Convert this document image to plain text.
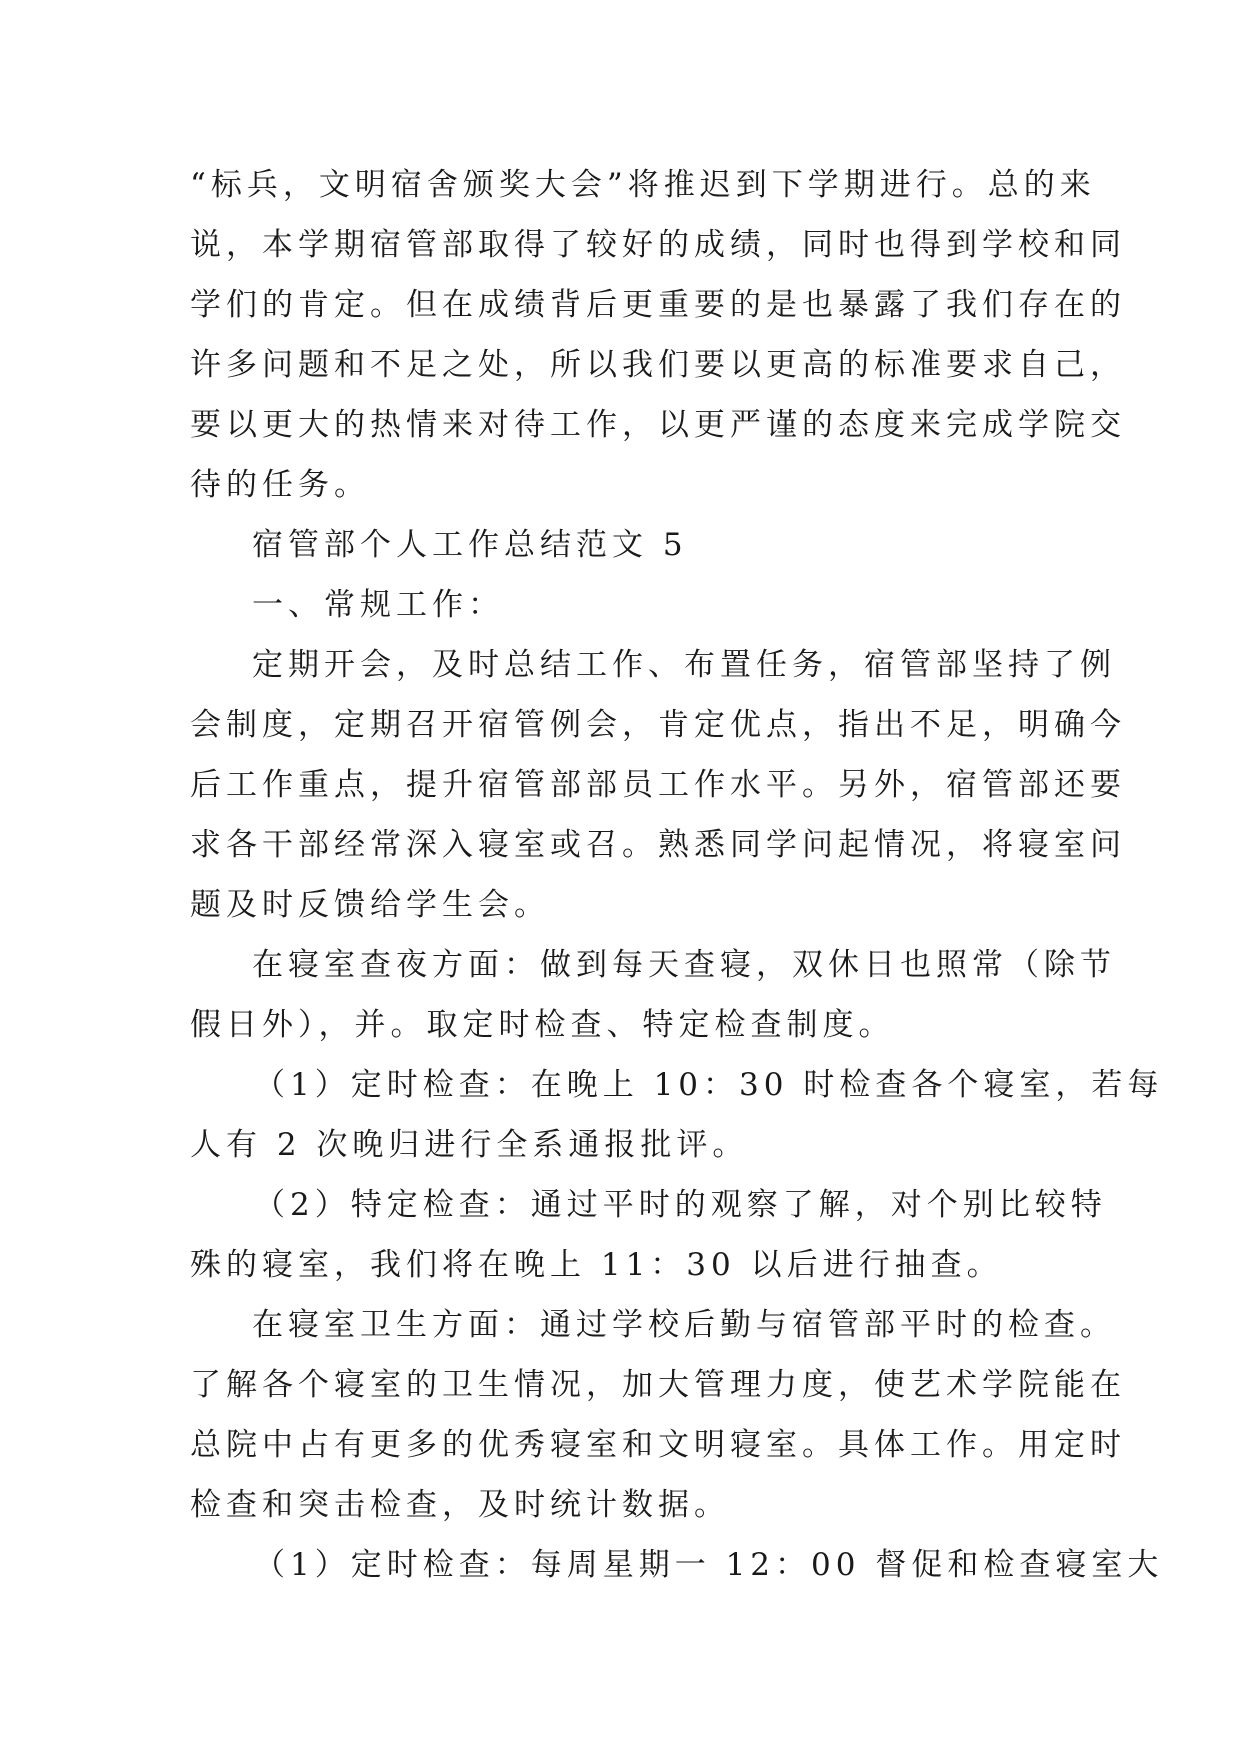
“标兵，文明宿舍颁奖大会”将推迟到下学期进行。总的来
说，本学期宿管部取得了较好的成绩，同时也得到学校和同
学们的肯定。但在成绩背后更重要的是也暴露了我们存在的
许多问题和不足之处，所以我们要以更高的标准要求自己，
要以更大的热情来对待工作，以更严谨的态度来完成学院交
待的任务。
宿管部个人工作总结范文 5
一、常规工作：
定期开会，及时总结工作、布置任务，宿管部坚持了例
会制度，定期召开宿管例会，肯定优点，指出不足，明确今
后工作重点，提升宿管部部员工作水平。另外，宿管部还要
求各干部经常深入寝室或召。熟悉同学问起情况，将寝室问
题及时反馈给学生会。
在寝室查夜方面：做到每天查寝，双休日也照常（除节
假日外），并。取定时检查、特定检查制度。
（1）定时检查：在晚上 10：30 时检查各个寝室，若每
人有 2 次晚归进行全系通报批评。
（2）特定检查：通过平时的观察了解，对个别比较特
殊的寝室，我们将在晚上 11：30 以后进行抽查。
在寝室卫生方面：通过学校后勤与宿管部平时的检查。
了解各个寝室的卫生情况，加大管理力度，使艺术学院能在
总院中占有更多的优秀寝室和文明寝室。具体工作。用定时
检查和突击检查，及时统计数据。
（1）定时检查：每周星期一 12：00 督促和检查寝室大
